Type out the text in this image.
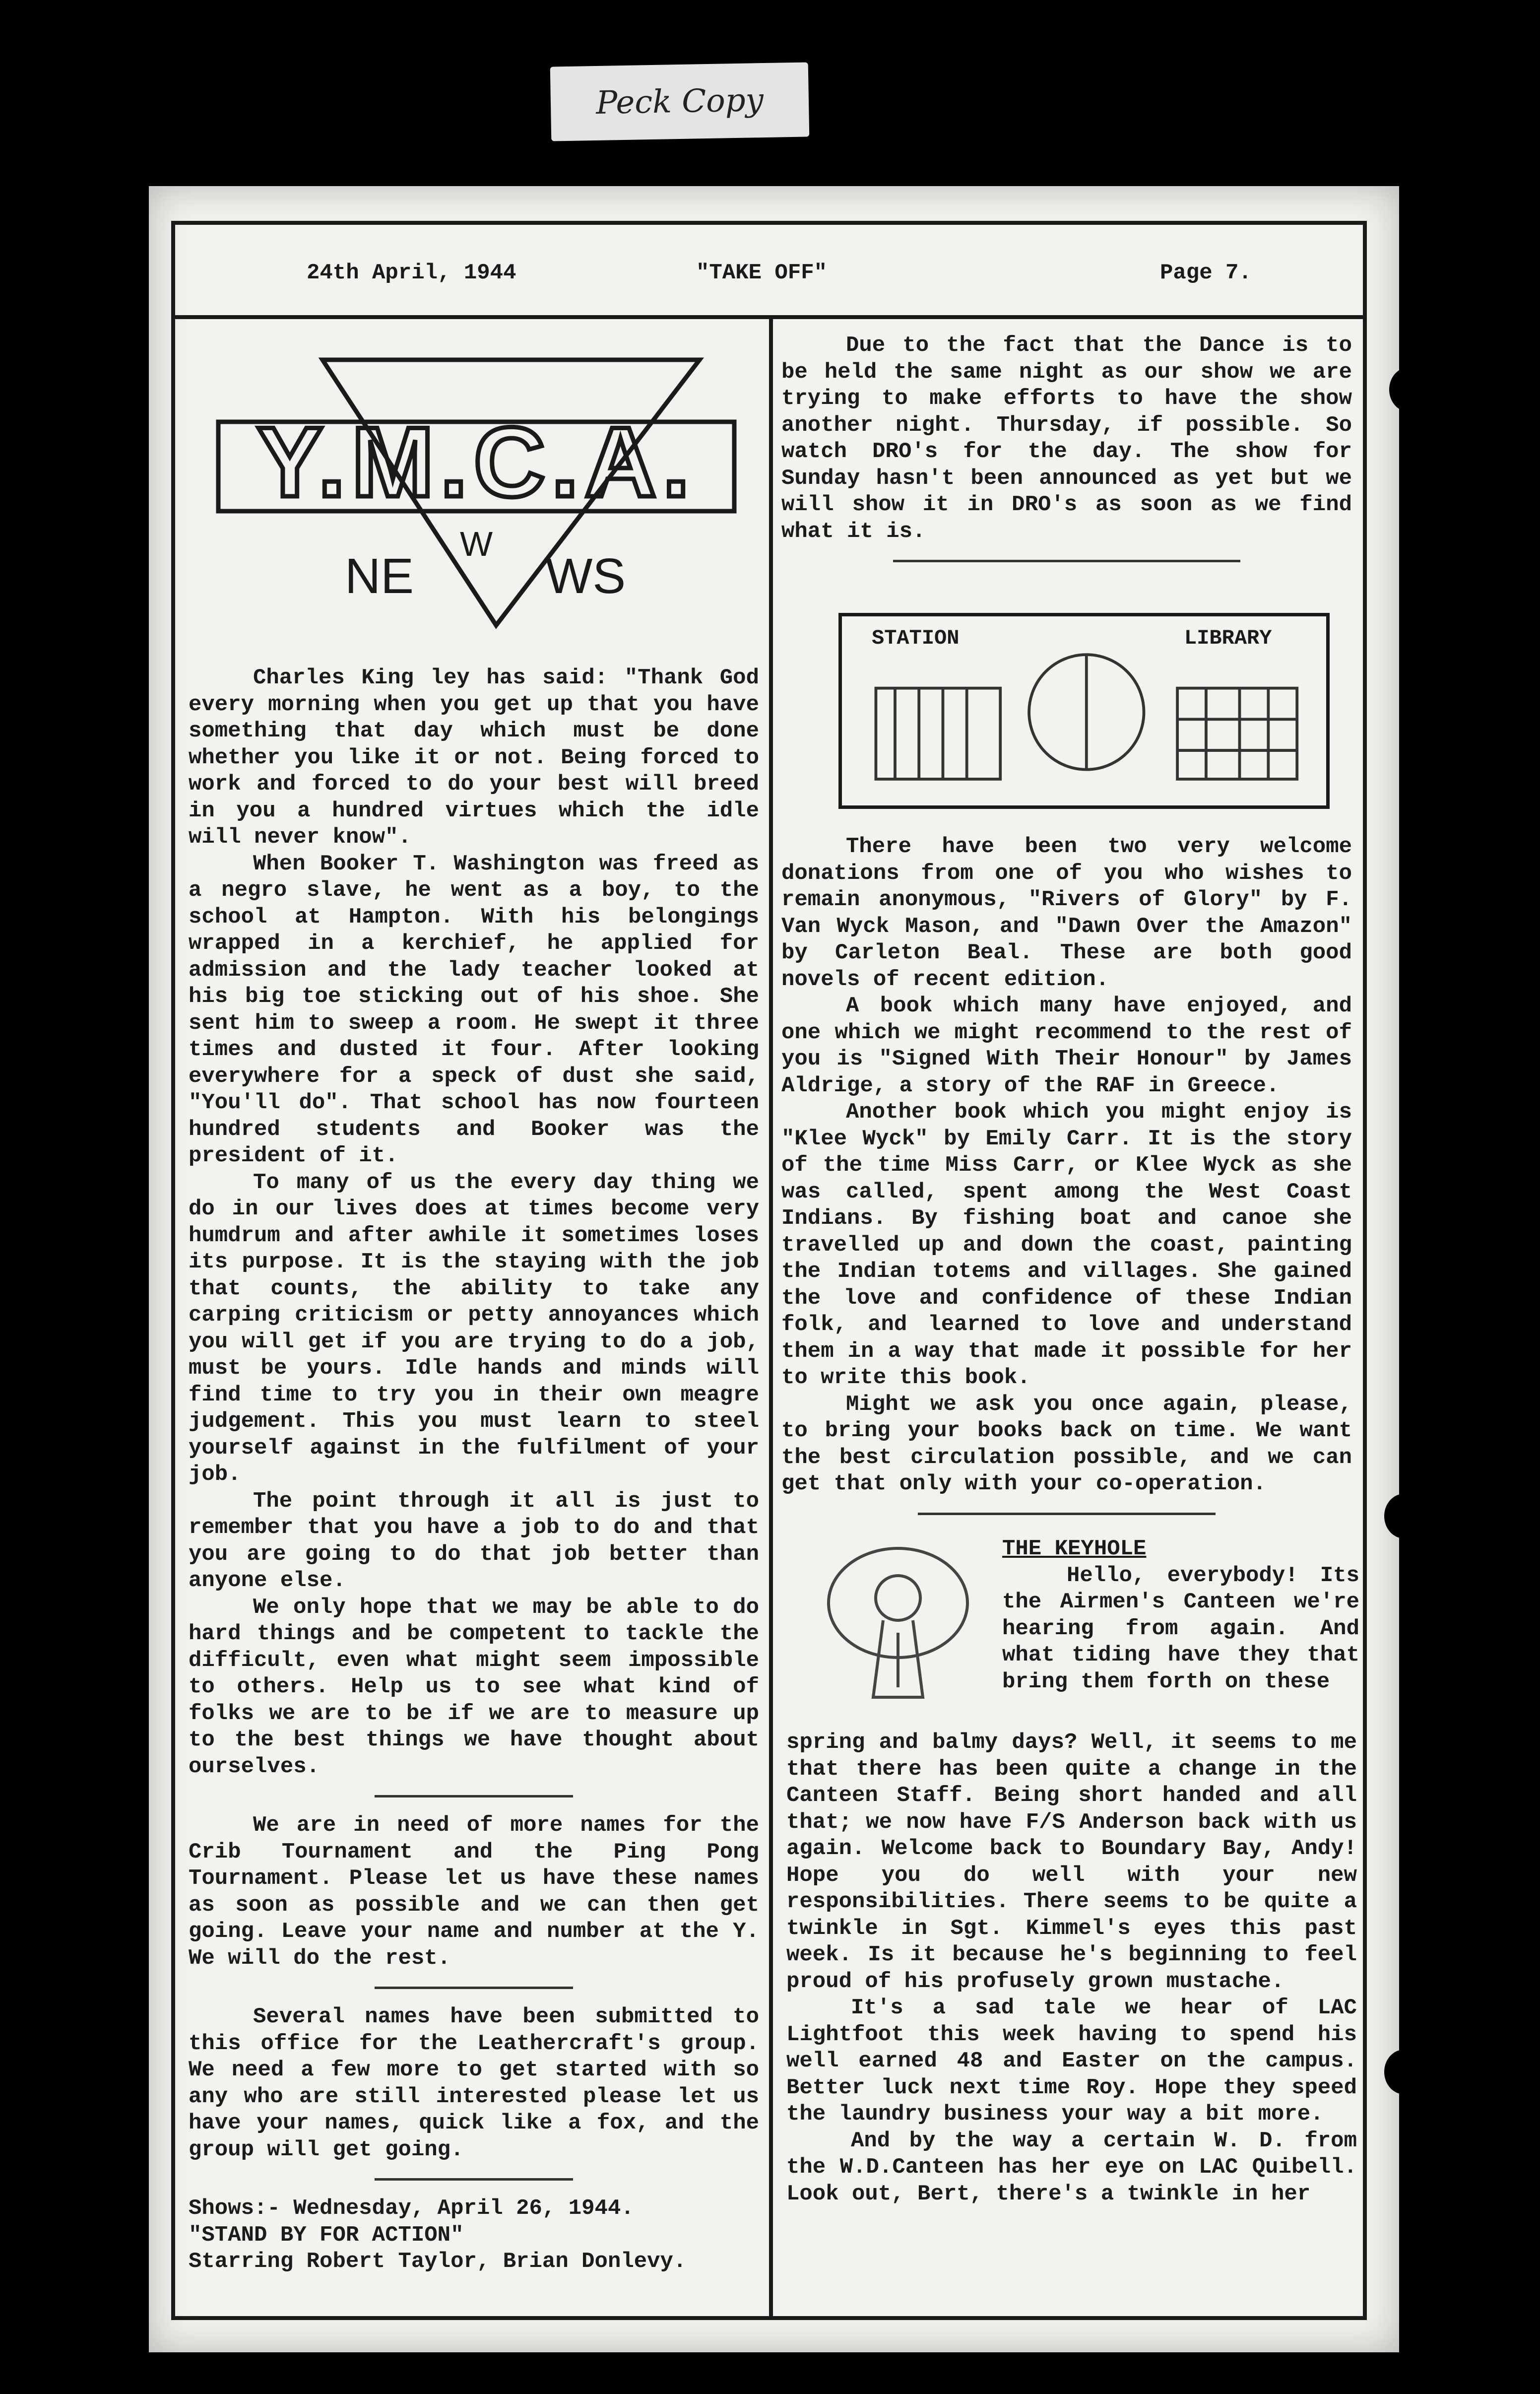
Peck Copy
24th April, 1944	"TAKE OFF"	Page 7.
Y.M.C.A.
NE
W
WS

Charles King ley has said: "Thank God every morning when you get up that you have something that day which must be done whether you like it or not. Being forced to work and forced to do your best will breed in you a hundred virtues which the idle will never know".

When Booker T. Washington was freed as a negro slave, he went as a boy, to the school at Hampton. With his belongings wrapped in a kerchief, he applied for admission and the lady teacher looked at his big toe sticking out of his shoe. She sent him to sweep a room. He swept it three times and dusted it four. After looking everywhere for a speck of dust she said, "You'll do". That school has now fourteen hundred students and Booker was the president of it.

To many of us the every day thing we do in our lives does at times become very humdrum and after awhile it sometimes loses its purpose. It is the staying with the job that counts, the ability to take any carping criticism or petty annoyances which you will get if you are trying to do a job, must be yours. Idle hands and minds will find time to try you in their own meagre judgement. This you must learn to steel yourself against in the fulfilment of your job.

The point through it all is just to remember that you have a job to do and that you are going to do that job better than anyone else.

We only hope that we may be able to do hard things and be competent to tackle the difficult, even what might seem impossible to others. Help us to see what kind of folks we are to be if we are to measure up to the best things we have thought about ourselves.

We are in need of more names for the Crib Tournament and the Ping Pong Tournament. Please let us have these names as soon as possible and we can then get going. Leave your name and number at the Y. We will do the rest.

Several names have been submitted to this office for the Leathercraft's group. We need a few more to get started with so any who are still interested please let us have your names, quick like a fox, and the group will get going.

Shows:- Wednesday, April 26, 1944.

"STAND BY FOR ACTION"

Starring Robert Taylor, Brian Donlevy.

Due to the fact that the Dance is to be held the same night as our show we are trying to make efforts to have the show another night. Thursday, if possible. So watch DRO's for the day. The show for Sunday hasn't been announced as yet but we will show it in DRO's as soon as we find what it is.

STATION	LIBRARY

There have been two very welcome donations from one of you who wishes to remain anonymous, "Rivers of Glory" by F. Van Wyck Mason, and "Dawn Over the Amazon" by Carleton Beal. These are both good novels of recent edition.

A book which many have enjoyed, and one which we might recommend to the rest of you is "Signed With Their Honour" by James Aldrige, a story of the RAF in Greece.

Another book which you might enjoy is "Klee Wyck" by Emily Carr. It is the story of the time Miss Carr, or Klee Wyck as she was called, spent among the West Coast Indians. By fishing boat and canoe she travelled up and down the coast, painting the Indian totems and villages. She gained the love and confidence of these Indian folk, and learned to love and understand them in a way that made it possible for her to write this book.

Might we ask you once again, please, to bring your books back on time. We want the best circulation possible, and we can get that only with your co-operation.

THE KEYHOLE

Hello, everybody! Its the Airmen's Canteen we're hearing from again. And what tiding have they that bring them forth on these

spring and balmy days? Well, it seems to me that there has been quite a change in the Canteen Staff. Being short handed and all that; we now have F/S Anderson back with us again. Welcome back to Boundary Bay, Andy! Hope you do well with your new responsibilities. There seems to be quite a twinkle in Sgt. Kimmel's eyes this past week. Is it because he's beginning to feel proud of his profusely grown mustache.

It's a sad tale we hear of LAC Lightfoot this week having to spend his well earned 48 and Easter on the campus. Better luck next time Roy. Hope they speed the laundry business your way a bit more.

And by the way a certain W. D. from the W.D.Canteen has her eye on LAC Quibell. Look out, Bert, there's a twinkle in her
